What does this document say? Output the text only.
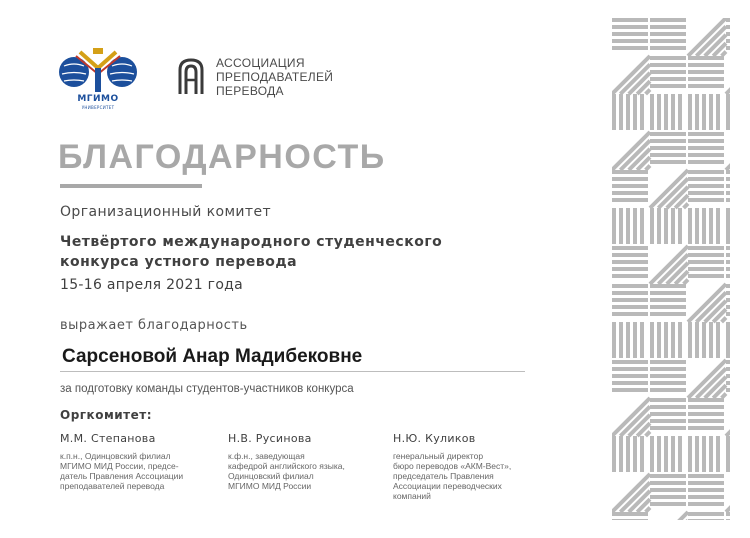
МГИМО
УНИВЕРСИТЕТ
АССОЦИАЦИЯ
ПРЕПОДАВАТЕЛЕЙ
ПЕРЕВОДА
БЛАГОДАРНОСТЬ
Организационный комитет
Четвёртого международного студенческого
конкурса устного перевода
15-16 апреля 2021 года
выражает благодарность
Сарсеновой Анар Мадибековне
за подготовку команды студентов-участников конкурса
Оргкомитет:
М.М. Степанова
к.п.н., Одинцовский филиал
МГИМО МИД России, предсе-
датель Правления Ассоциации
преподавателей перевода
Н.В. Русинова
к.ф.н., заведующая
кафедрой английского языка,
Одинцовский филиал
МГИМО МИД России
Н.Ю. Куликов
генеральный директор
бюро переводов «АКМ-Вест»,
председатель Правления
Ассоциации переводческих
компаний
